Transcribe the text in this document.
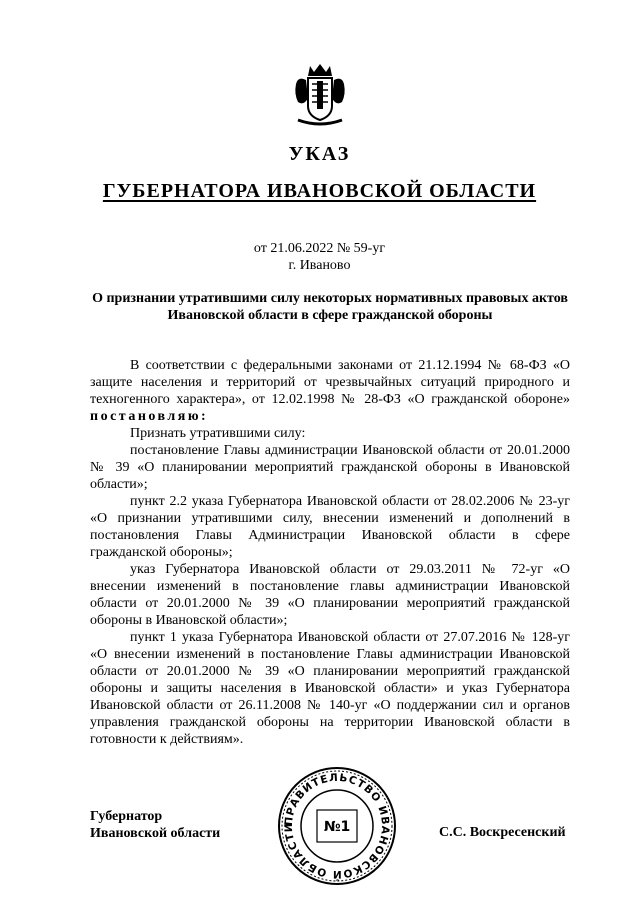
УКАЗ
ГУБЕРНАТОРА ИВАНОВСКОЙ ОБЛАСТИ
от 21.06.2022 № 59-уг
г. Иваново
О признании утратившими силу некоторых нормативных правовых актов Ивановской области в сфере гражданской обороны

В соответствии с федеральными законами от 21.12.1994 № 68-ФЗ «О защите населения и территорий от чрезвычайных ситуаций природного и техногенного характера», от 12.02.1998 № 28-ФЗ «О гражданской обороне» постановляю:

Признать утратившими силу:

постановление Главы администрации Ивановской области от 20.01.2000 № 39 «О планировании мероприятий гражданской обороны в Ивановской области»;

пункт 2.2 указа Губернатора Ивановской области от 28.02.2006 № 23-уг «О признании утратившими силу, внесении изменений и дополнений в постановления Главы Администрации Ивановской области в сфере гражданской обороны»;

указ Губернатора Ивановской области от 29.03.2011 № 72-уг «О внесении изменений в постановление главы администрации Ивановской области от 20.01.2000 № 39 «О планировании мероприятий гражданской обороны в Ивановской области»;

пункт 1 указа Губернатора Ивановской области от 27.07.2016 № 128-уг «О внесении изменений в постановление Главы администрации Ивановской области от 20.01.2000 № 39 «О планировании мероприятий гражданской обороны и защиты населения в Ивановской области» и указ Губернатора Ивановской области от 26.11.2008 № 140-уг «О поддержании сил и органов управления гражданской обороны на территории Ивановской области в готовности к действиям».

Губернатор
Ивановской области
ПРАВИТЕЛЬСТВО ИВАНОВСКОЙ ОБЛАСТИ	№1	С.С. Воскресенский
